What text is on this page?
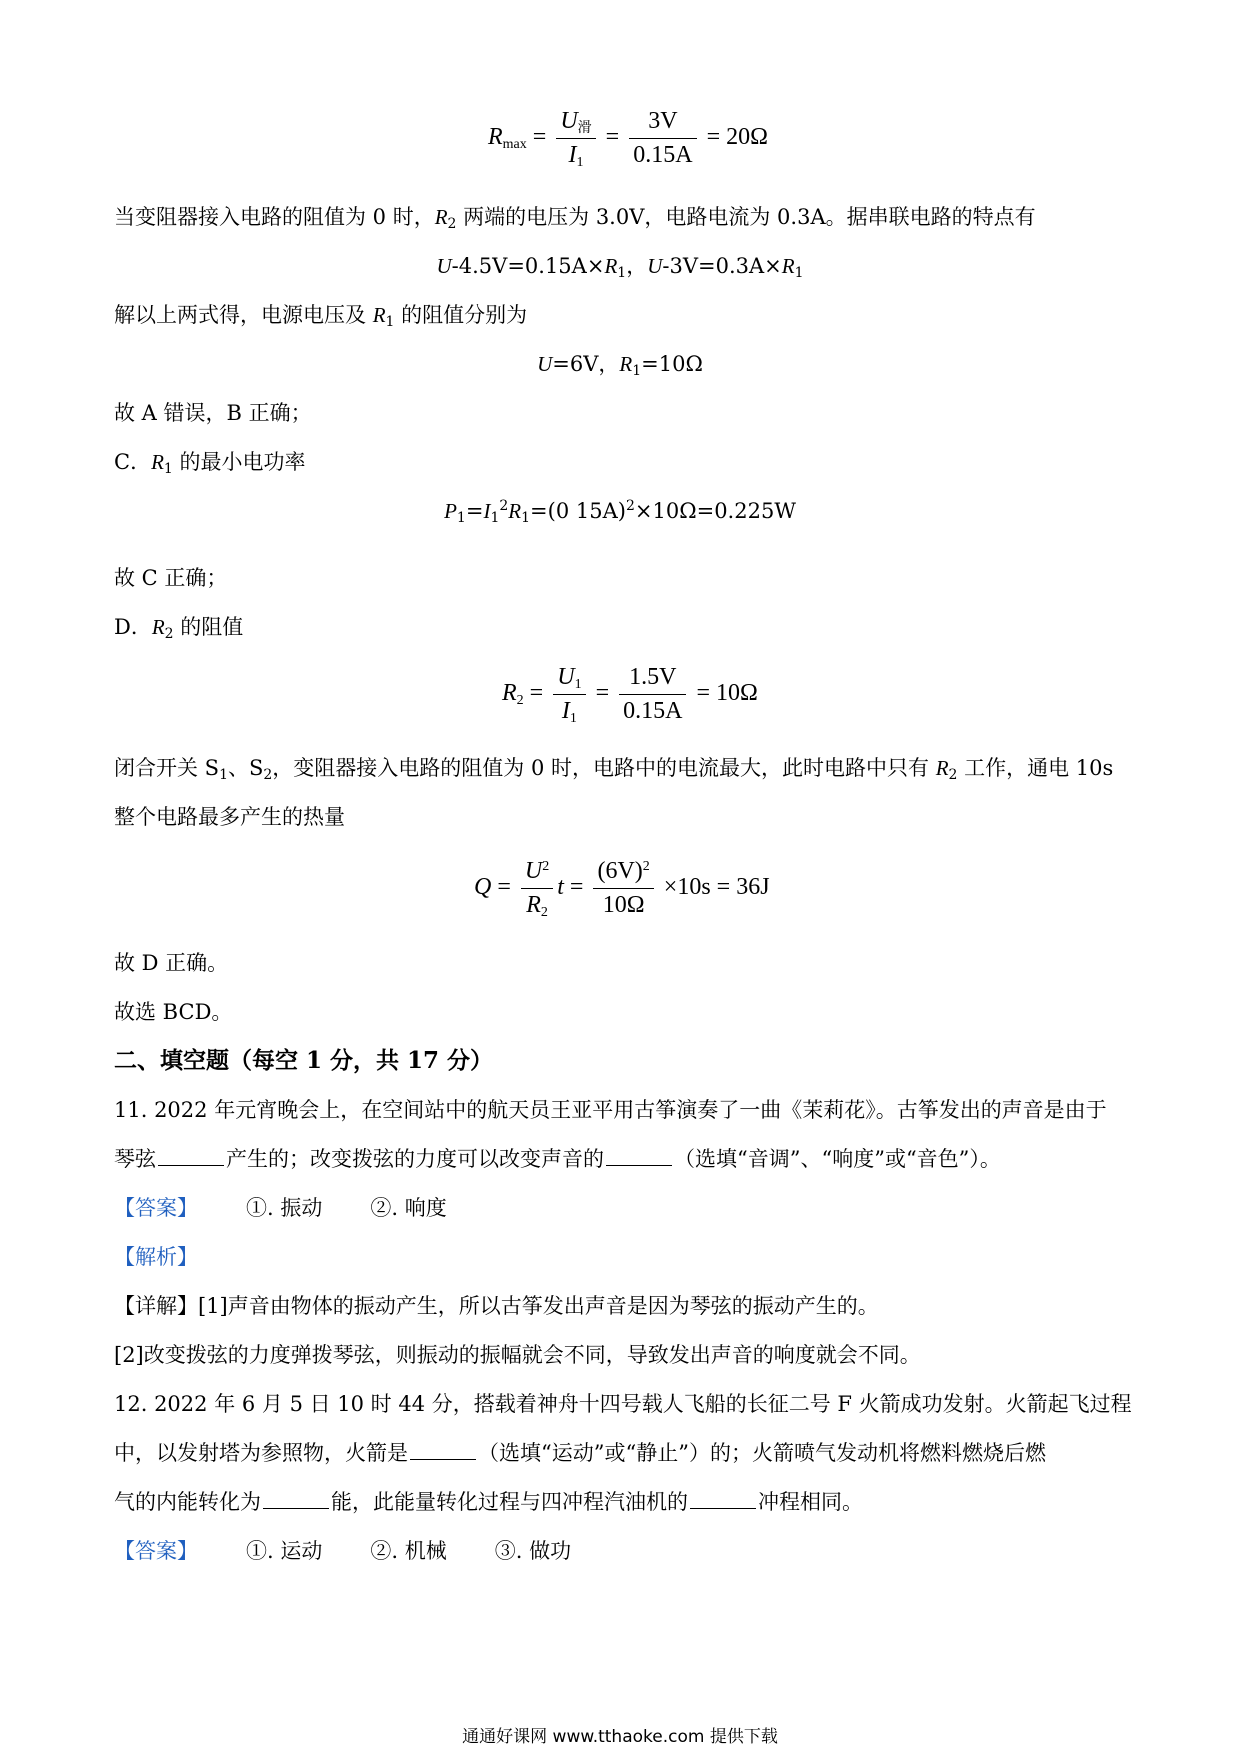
$R_{max} = \frac{U_滑}{I_1} = \frac{3V}{0.15A} = 20\Omega$
当变阻器接入电路的阻值为 0 时，$R_2$ 两端的电压为 3.0V，电路电流为 0.3A。据串联电路的特点有
$U-4.5V=0.15A\times R_1$，$U-3V=0.3A\times R_1$
解以上两式得，电源电压及 $R_1$ 的阻值分别为
U=6V，$R_1=10\Omega$
故 A 错误，B 正确；
C．$R_1$ 的最小电功率
$P_1=I_1^2R_1=(0$ 15A)$^2$×10Ω=0.225W
故 C 正确；
D．$R_2$ 的阻值
$R_2 = \frac{U_1}{I_1} = \frac{1.5V}{0.15A} = 10\Omega$
闭合开关 $S_1$、$S_2$，变阻器接入电路的阻值为 0 时，电路中的电流最大，此时电路中只有 $R_2$ 工作，通电 10s
整个电路最多产生的热量
$Q = \frac{U^2}{R_2}$ $t = \frac{(6V)^2}{10\Omega} \times 10s = 36J$
故 D 正确。
故选 BCD。
二、填空题（每空 1 分，共 17 分）
11. 2022 年元宵晚会上，在空间站中的航天员王亚平用古筝演奏了一曲《茉莉花》。古筝发出的声音是由于
琴弦	产生的；改变拨弦的力度可以改变声音的	（选填“音调”、“响度”或“音色”）。
【答案】 ①. 振动 ②. 响度
【解析】
【详解】[1]声音由物体的振动产生，所以古筝发出声音是因为琴弦的振动产生的。
[2]改变拨弦的力度弹拨琴弦，则振动的振幅就会不同，导致发出声音的响度就会不同。
12. 2022 年 6 月 5 日 10 时 44 分，搭载着神舟十四号载人飞船的长征二号 F 火箭成功发射。火箭起飞过程
中，以发射塔为参照物，火箭是	（选填“运动”或“静止”）的；火箭喷气发动机将燃料燃烧后燃
气的内能转化为	能，此能量转化过程与四冲程汽油机的	冲程相同。
【答案】 ①. 运动 ②. 机械 ③. 做功
通通好课网 www.tthaoke.com 提供下载
